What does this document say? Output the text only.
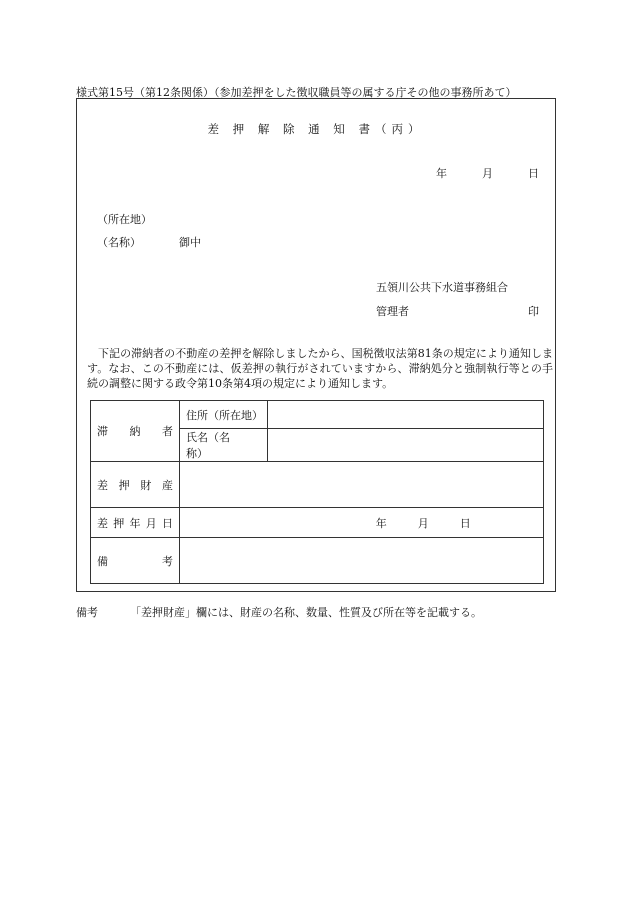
様式第15号（第12条関係）（参加差押をした徴収職員等の属する庁その他の事務所あて）
差 押 解 除 通 知 書（丙）
年	月	日
（所在地）
（名称）	御中
五領川公共下水道事務組合
管理者	印
下記の滞納者の不動産の差押を解除しましたから、国税徴収法第81条の規定により通知します。なお、この不動産には、仮差押の執行がされていますから、滞納処分と強制執行等との手続の調整に関する政令第10条第4項の規定により通知します。
滞 納 者	住所（所在地）	
	氏名（名称）	

差 押 財 産		

差 押 年 月 日	年 月 日	

備 考		

備考	「差押財産」欄には、財産の名称、数量、性質及び所在等を記載する。
